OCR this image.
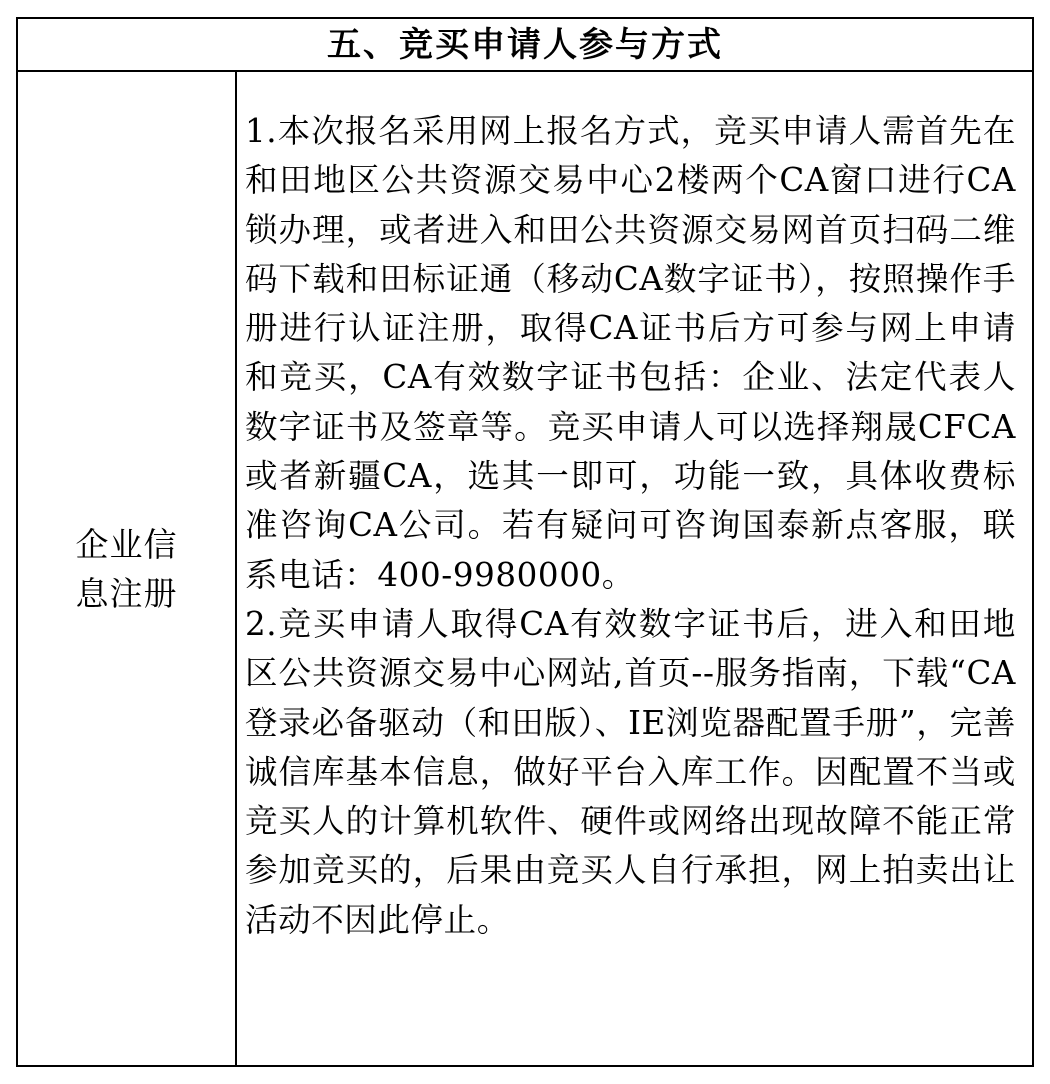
五、竞买申请人参与方式
企业信
息注册

1.本次报名采用网上报名方式，竞买申请人需首先在和田地区公共资源交易中心2楼两个CA窗口进行CA锁办理，或者进入和田公共资源交易网首页扫码二维码下载和田标证通（移动CA数字证书），按照操作手册进行认证注册，取得CA证书后方可参与网上申请和竞买，CA有效数字证书包括：企业、法定代表人数字证书及签章等。竞买申请人可以选择翔晟CFCA或者新疆CA，选其一即可，功能一致，具体收费标准咨询CA公司。若有疑问可咨询国泰新点客服，联系电话：400-9980000。

2.竞买申请人取得CA有效数字证书后，进入和田地区公共资源交易中心网站,首页--服务指南，下载“CA登录必备驱动（和田版）、IE浏览器配置手册”，完善诚信库基本信息，做好平台入库工作。因配置不当或竞买人的计算机软件、硬件或网络出现故障不能正常参加竞买的，后果由竞买人自行承担，网上拍卖出让活动不因此停止。
